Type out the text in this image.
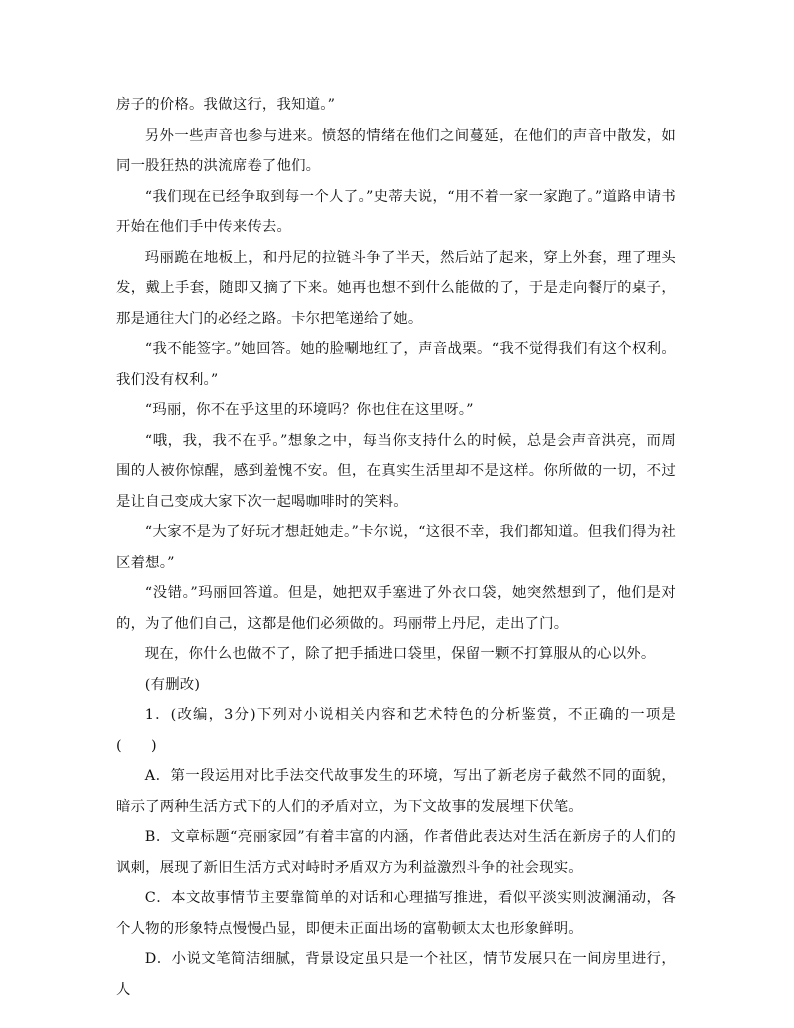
房子的价格。我做这行，我知道。”

另外一些声音也参与进来。愤怒的情绪在他们之间蔓延，在他们的声音中散发，如同一股狂热的洪流席卷了他们。

“我们现在已经争取到每一个人了。”史蒂夫说，“用不着一家一家跑了。”道路申请书开始在他们手中传来传去。

玛丽跪在地板上，和丹尼的拉链斗争了半天，然后站了起来，穿上外套，理了理头发，戴上手套，随即又摘了下来。她再也想不到什么能做的了，于是走向餐厅的桌子，那是通往大门的必经之路。卡尔把笔递给了她。

“我不能签字。”她回答。她的脸唰地红了，声音战栗。“我不觉得我们有这个权利。我们没有权利。”

“玛丽，你不在乎这里的环境吗？你也住在这里呀。”

“哦，我，我不在乎。”想象之中，每当你支持什么的时候，总是会声音洪亮，而周围的人被你惊醒，感到羞愧不安。但，在真实生活里却不是这样。你所做的一切，不过是让自己变成大家下次一起喝咖啡时的笑料。

“大家不是为了好玩才想赶她走。”卡尔说，“这很不幸，我们都知道。但我们得为社区着想。”

“没错。”玛丽回答道。但是，她把双手塞进了外衣口袋，她突然想到了，他们是对的，为了他们自己，这都是他们必须做的。玛丽带上丹尼，走出了门。

现在，你什么也做不了，除了把手插进口袋里，保留一颗不打算服从的心以外。

(有删改)

1．(改编，3分)下列对小说相关内容和艺术特色的分析鉴赏，不正确的一项是(　　)

A．第一段运用对比手法交代故事发生的环境，写出了新老房子截然不同的面貌，暗示了两种生活方式下的人们的矛盾对立，为下文故事的发展埋下伏笔。

B．文章标题“亮丽家园”有着丰富的内涵，作者借此表达对生活在新房子的人们的讽刺，展现了新旧生活方式对峙时矛盾双方为利益激烈斗争的社会现实。

C．本文故事情节主要靠简单的对话和心理描写推进，看似平淡实则波澜涌动，各个人物的形象特点慢慢凸显，即便未正面出场的富勒顿太太也形象鲜明。

D．小说文笔简洁细腻，背景设定虽只是一个社区，情节发展只在一间房里进行，人
